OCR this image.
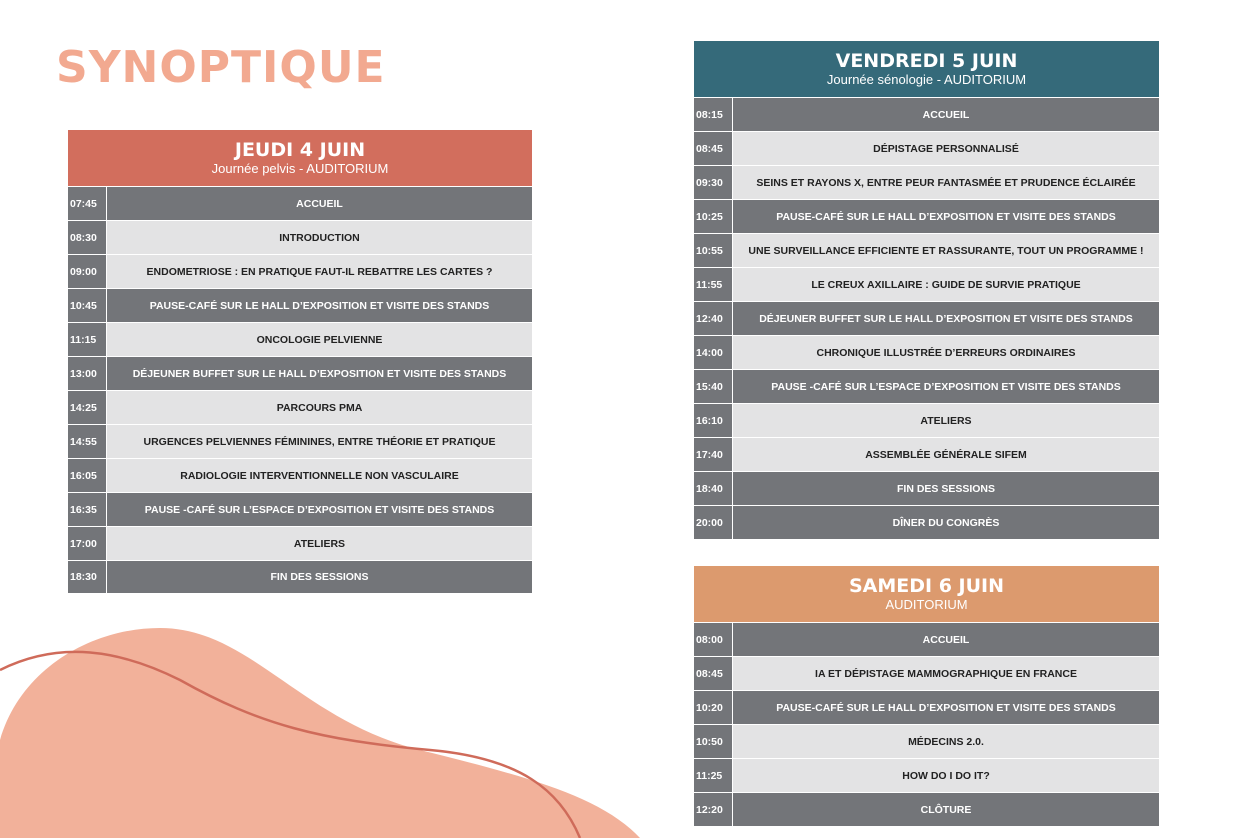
SYNOPTIQUE
JEUDI 4 JUIN
Journée pelvis - AUDITORIUM
07:45	ACCUEIL
08:30	INTRODUCTION
09:00	ENDOMETRIOSE : EN PRATIQUE FAUT-IL REBATTRE LES CARTES ?
10:45	PAUSE-CAFÉ SUR LE HALL D’EXPOSITION ET VISITE DES STANDS
11:15	ONCOLOGIE PELVIENNE
13:00	DÉJEUNER BUFFET SUR LE HALL D’EXPOSITION ET VISITE DES STANDS
14:25	PARCOURS PMA
14:55	URGENCES PELVIENNES FÉMININES, ENTRE THÉORIE ET PRATIQUE
16:05	RADIOLOGIE INTERVENTIONNELLE NON VASCULAIRE
16:35	PAUSE -CAFÉ SUR L’ESPACE D’EXPOSITION ET VISITE DES STANDS
17:00	ATELIERS
18:30	FIN DES SESSIONS
VENDREDI 5 JUIN
Journée sénologie - AUDITORIUM
08:15	ACCUEIL
08:45	DÉPISTAGE PERSONNALISÉ
09:30	SEINS ET RAYONS X, ENTRE PEUR FANTASMÉE ET PRUDENCE ÉCLAIRÉE
10:25	PAUSE-CAFÉ SUR LE HALL D’EXPOSITION ET VISITE DES STANDS
10:55	UNE SURVEILLANCE EFFICIENTE ET RASSURANTE, TOUT UN PROGRAMME !
11:55	LE CREUX AXILLAIRE : GUIDE DE SURVIE PRATIQUE
12:40	DÉJEUNER BUFFET SUR LE HALL D’EXPOSITION ET VISITE DES STANDS
14:00	CHRONIQUE ILLUSTRÉE D’ERREURS ORDINAIRES
15:40	PAUSE -CAFÉ SUR L’ESPACE D’EXPOSITION ET VISITE DES STANDS
16:10	ATELIERS
17:40	ASSEMBLÉE GÉNÉRALE SIFEM
18:40	FIN DES SESSIONS
20:00	DÎNER DU CONGRÈS
SAMEDI 6 JUIN
AUDITORIUM
08:00	ACCUEIL
08:45	IA ET DÉPISTAGE MAMMOGRAPHIQUE EN FRANCE
10:20	PAUSE-CAFÉ SUR LE HALL D’EXPOSITION ET VISITE DES STANDS
10:50	MÉDECINS 2.0.
11:25	HOW DO I DO IT?
12:20	CLÔTURE
